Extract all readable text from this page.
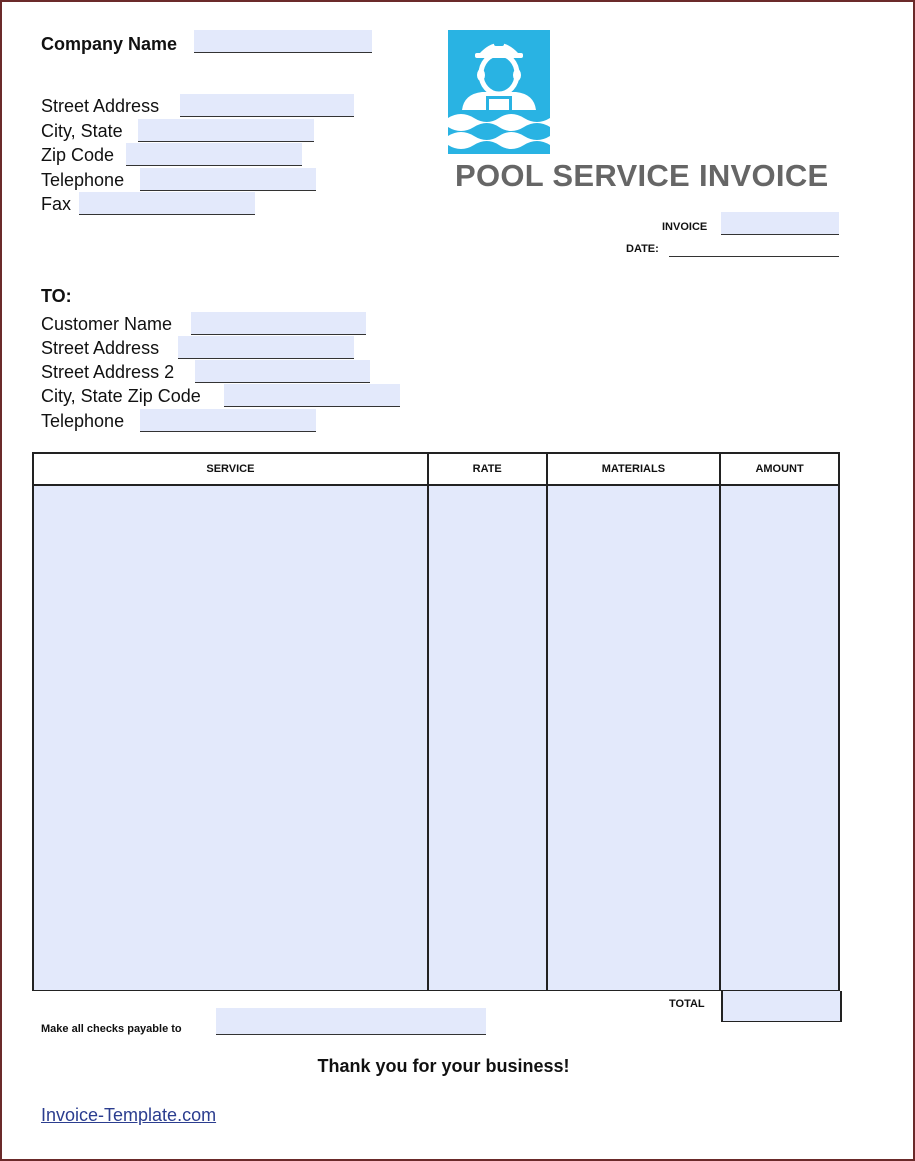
Company Name
Street Address
City, State
Zip Code
Telephone
Fax
POOL SERVICE INVOICE
INVOICE
DATE:
TO:
Customer Name
Street Address
Street Address 2
City, State Zip Code
Telephone
SERVICE	RATE	MATERIALS	AMOUNT

TOTAL
Make all checks payable to
Thank you for your business!
Invoice-Template.com
